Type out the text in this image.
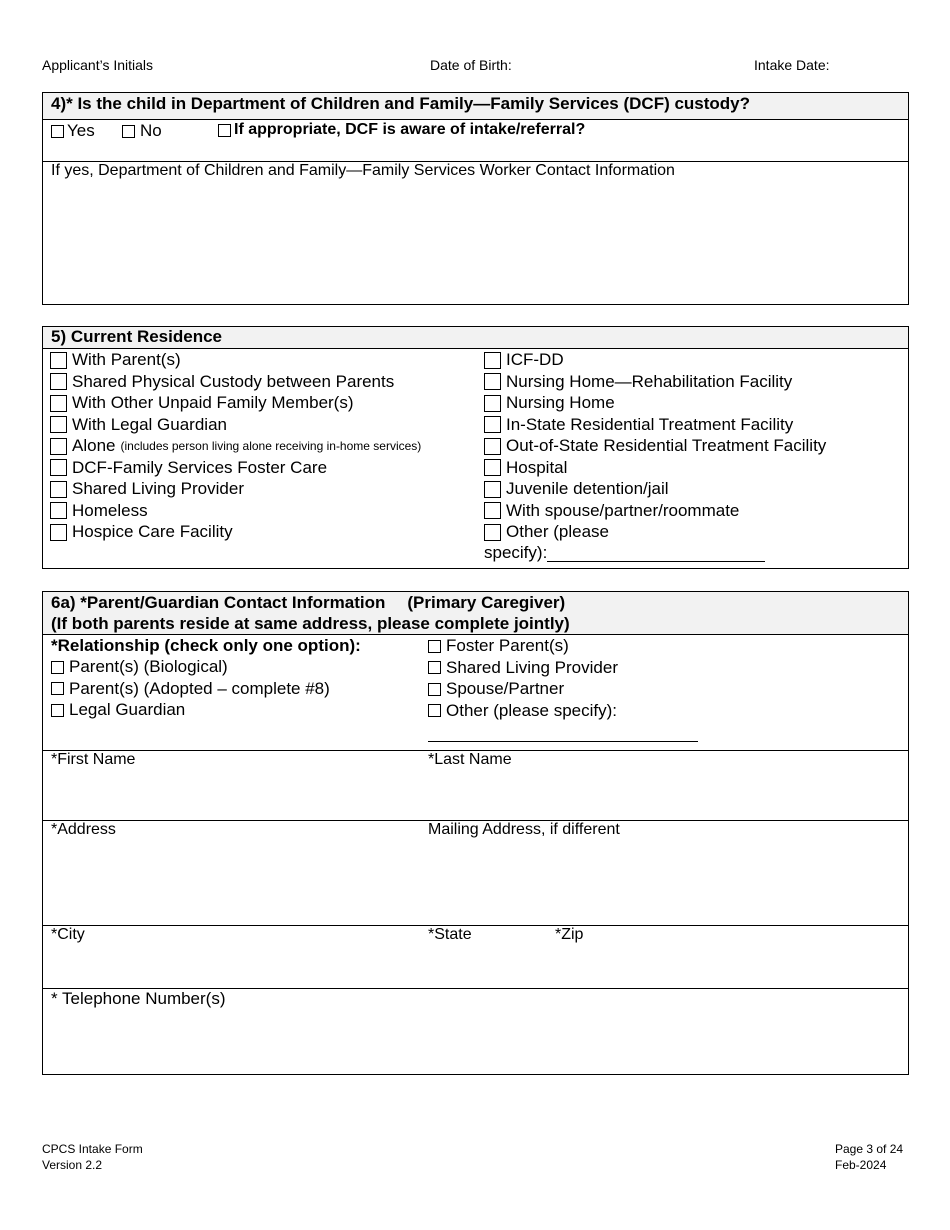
Applicant’s Initials	Date of Birth:	Intake Date:
4)* Is the child in Department of Children and Family—Family Services (DCF) custody?
Yes	No	If appropriate, DCF is aware of intake/referral?
If yes, Department of Children and Family—Family Services Worker Contact Information
5) Current Residence
specify):
With Parent(s)
Shared Physical Custody between Parents
With Other Unpaid Family Member(s)
With Legal Guardian
Alone (includes person living alone receiving in-home services)
DCF-Family Services Foster Care
Shared Living Provider
Homeless
Hospice Care Facility
ICF-DD
Nursing Home—Rehabilitation Facility
Nursing Home
In-State Residential Treatment Facility
Out-of-State Residential Treatment Facility
Hospital
Juvenile detention/jail
With spouse/partner/roommate
Other (please
6a) *Parent/Guardian Contact Information (Primary Caregiver)
(If both parents reside at same address, please complete jointly)
*Relationship (check only one option):
Parent(s) (Biological)
Parent(s) (Adopted – complete #8)
Legal Guardian
Foster Parent(s)
Shared Living Provider
Spouse/Partner
Other (please specify):
*First Name	*Last Name
*Address	Mailing Address, if different
*City	*State	*Zip
* Telephone Number(s)
CPCS Intake Form
Version 2.2
Page 3 of 24
Feb-2024
